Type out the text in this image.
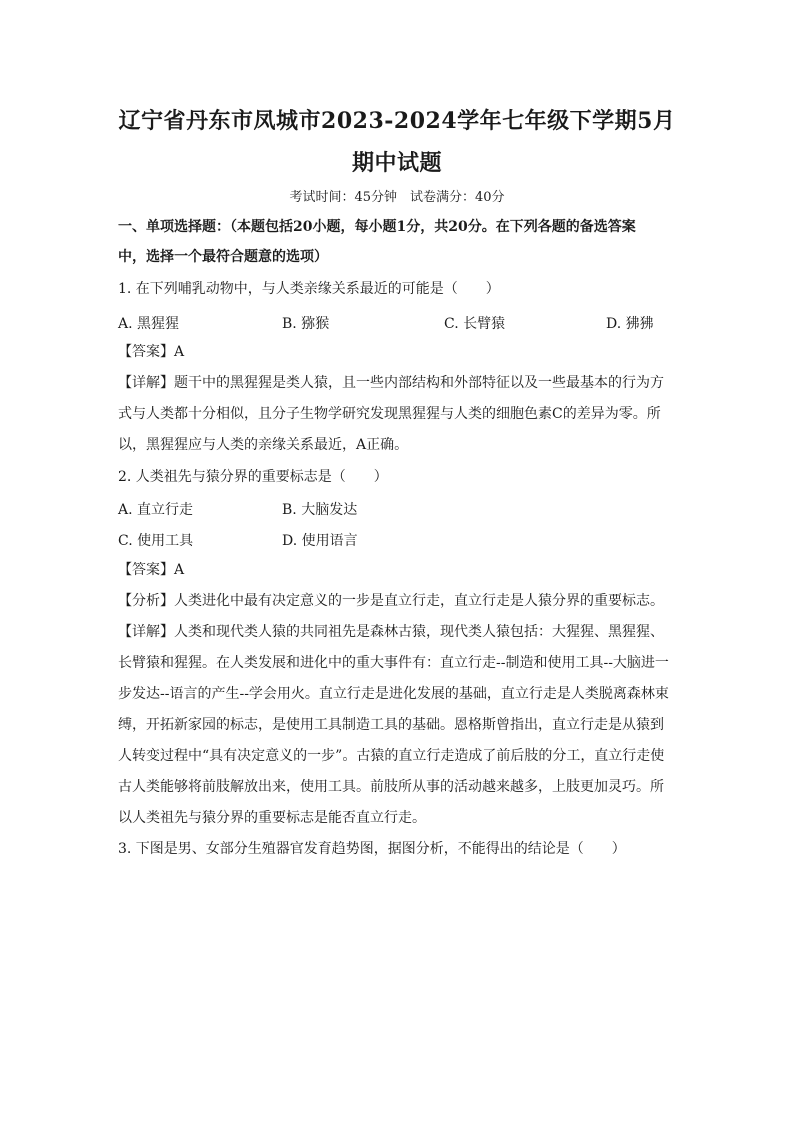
辽宁省丹东市凤城市2023-2024学年七年级下学期5月
期中试题
考试时间：45分钟　试卷满分：40分
一、单项选择题：（本题包括20小题，每小题1分，共20分。在下列各题的备选答案
中，选择一个最符合题意的选项）
1. 在下列哺乳动物中，与人类亲缘关系最近的可能是（　　）
A. 黑猩猩	B. 猕猴	C. 长臂猿	D. 狒狒
【答案】A
【详解】题干中的黑猩猩是类人猿，且一些内部结构和外部特征以及一些最基本的行为方
式与人类都十分相似，且分子生物学研究发现黑猩猩与人类的细胞色素C的差异为零。所
以，黑猩猩应与人类的亲缘关系最近，A正确。
2. 人类祖先与猿分界的重要标志是（　　）
A. 直立行走	B. 大脑发达
C. 使用工具	D. 使用语言
【答案】A
【分析】人类进化中最有决定意义的一步是直立行走，直立行走是人猿分界的重要标志。
【详解】人类和现代类人猿的共同祖先是森林古猿，现代类人猿包括：大猩猩、黑猩猩、
长臂猿和猩猩。在人类发展和进化中的重大事件有：直立行走--制造和使用工具--大脑进一
步发达--语言的产生--学会用火。直立行走是进化发展的基础，直立行走是人类脱离森林束
缚，开拓新家园的标志，是使用工具制造工具的基础。恩格斯曾指出，直立行走是从猿到
人转变过程中“具有决定意义的一步”。古猿的直立行走造成了前后肢的分工，直立行走使
古人类能够将前肢解放出来，使用工具。前肢所从事的活动越来越多，上肢更加灵巧。所
以人类祖先与猿分界的重要标志是能否直立行走。
3. 下图是男、女部分生殖器官发育趋势图，据图分析，不能得出的结论是（　　）
